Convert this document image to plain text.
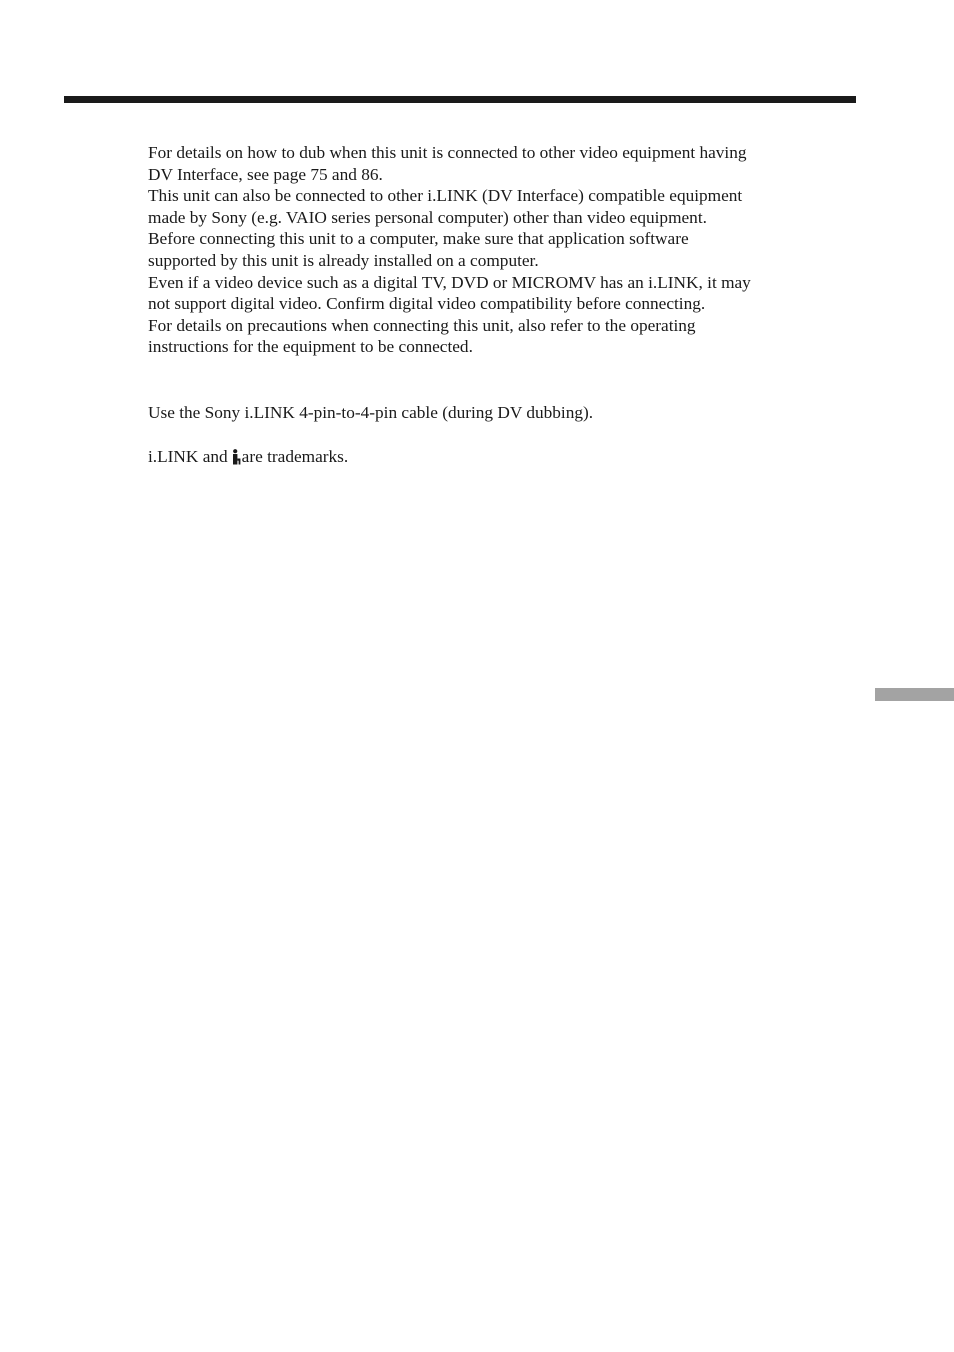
For details on how to dub when this unit is connected to other video equipment having
DV Interface, see page 75 and 86.
This unit can also be connected to other i.LINK (DV Interface) compatible equipment
made by Sony (e.g. VAIO series personal computer) other than video equipment.
Before connecting this unit to a computer, make sure that application software
supported by this unit is already installed on a computer.
Even if a video device such as a digital TV, DVD or MICROMV has an i.LINK, it may
not support digital video. Confirm digital video compatibility before connecting.
For details on precautions when connecting this unit, also refer to the operating
instructions for the equipment to be connected.

Use the Sony i.LINK 4-pin-to-4-pin cable (during DV dubbing).

i.LINK and are trademarks.
